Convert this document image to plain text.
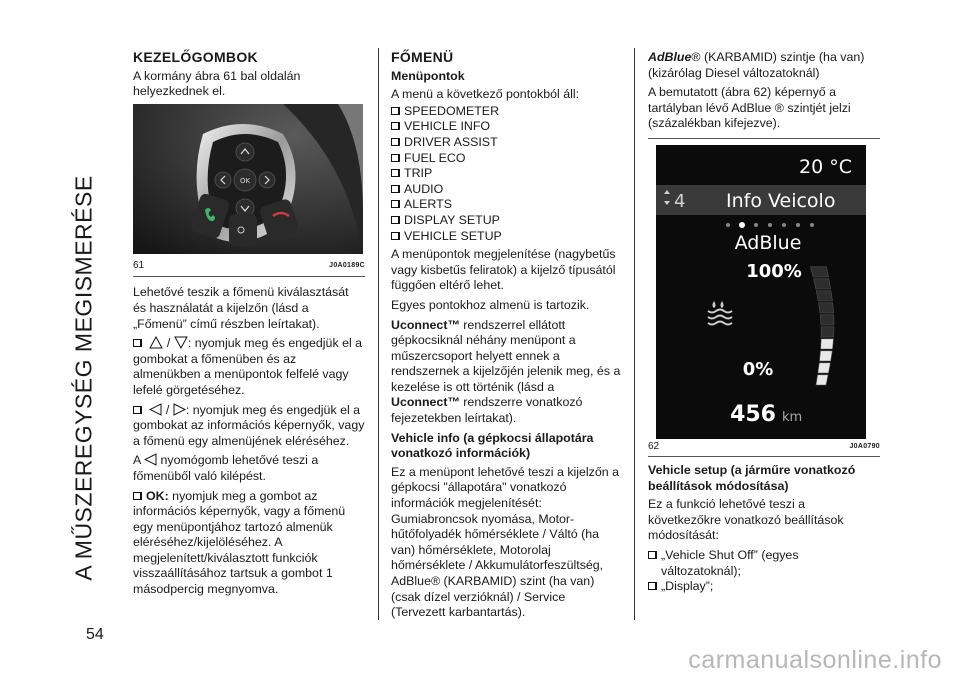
A MŰSZEREGYSÉG MEGISMERÉSE
54
KEZELŐGOMBOK

A kormány ábra 61 bal oldalán helyezkednek el.

OK
61	J0A0189C

Lehetővé teszik a főmenü kiválasztását és használatát a kijelzőn (lásd a „Főmenü” című részben leírtakat).

/ : nyomjuk meg és engedjük el a gombokat a főmenüben és az almenükben a menüpontok felfelé vagy lefelé görgetéséhez.

/ : nyomjuk meg és engedjük el a gombokat az információs képernyők, vagy a főmenü egy almenüjének eléréséhez.

A nyomógomb lehetővé teszi a főmenüből való kilépést.

OK: nyomjuk meg a gombot az információs képernyők, vagy a főmenü egy menüpontjához tartozó almenük eléréséhez/kijelöléséhez. A megjelenített/kiválasztott funkciók visszaállításához tartsuk a gombot 1 másodpercig megnyomva.

FŐMENÜ
Menüpontok

A menü a következő pontokból áll:

SPEEDOMETER
VEHICLE INFO
DRIVER ASSIST
FUEL ECO
TRIP
AUDIO
ALERTS
DISPLAY SETUP
VEHICLE SETUP

A menüpontok megjelenítése (nagybetűs vagy kisbetűs feliratok) a kijelző típusától függően eltérő lehet.

Egyes pontokhoz almenü is tartozik.

Uconnect™ rendszerrel ellátott gépkocsiknál néhány menüpont a műszercsoport helyett ennek a rendszernek a kijelzőjén jelenik meg, és a kezelése is ott történik (lásd a Uconnect™ rendszerre vonatkozó fejezetekben leírtakat).

Vehicle info (a gépkocsi állapotára vonatkozó információk)

Ez a menüpont lehetővé teszi a kijelzőn a gépkocsi "állapotára" vonatkozó információk megjelenítését: Gumiabroncsok nyomása, Motor-hűtőfolyadék hőmérséklete / Váltó (ha van) hőmérséklete, Motorolaj hőmérséklete / Akkumulátorfeszültség, AdBlue® (KARBAMID) szint (ha van) (csak dízel verzióknál) / Service (Tervezett karbantartás).

AdBlue® (KARBAMID) szintje (ha van) (kizárólag Diesel változatoknál)

A bemutatott (ábra 62) képernyő a tartályban lévő AdBlue ® szintjét jelzi (százalékban kifejezve).

20 °C
4 Info Veicolo
AdBlue
100%
0%
456 km
62	J0A0790
Vehicle setup (a járműre vonatkozó beállítások módosítása)

Ez a funkció lehetővé teszi a következőkre vonatkozó beállítások módosítását:

„Vehicle Shut Off” (egyes változatoknál);
„Display”;
carmanualsonline.info
